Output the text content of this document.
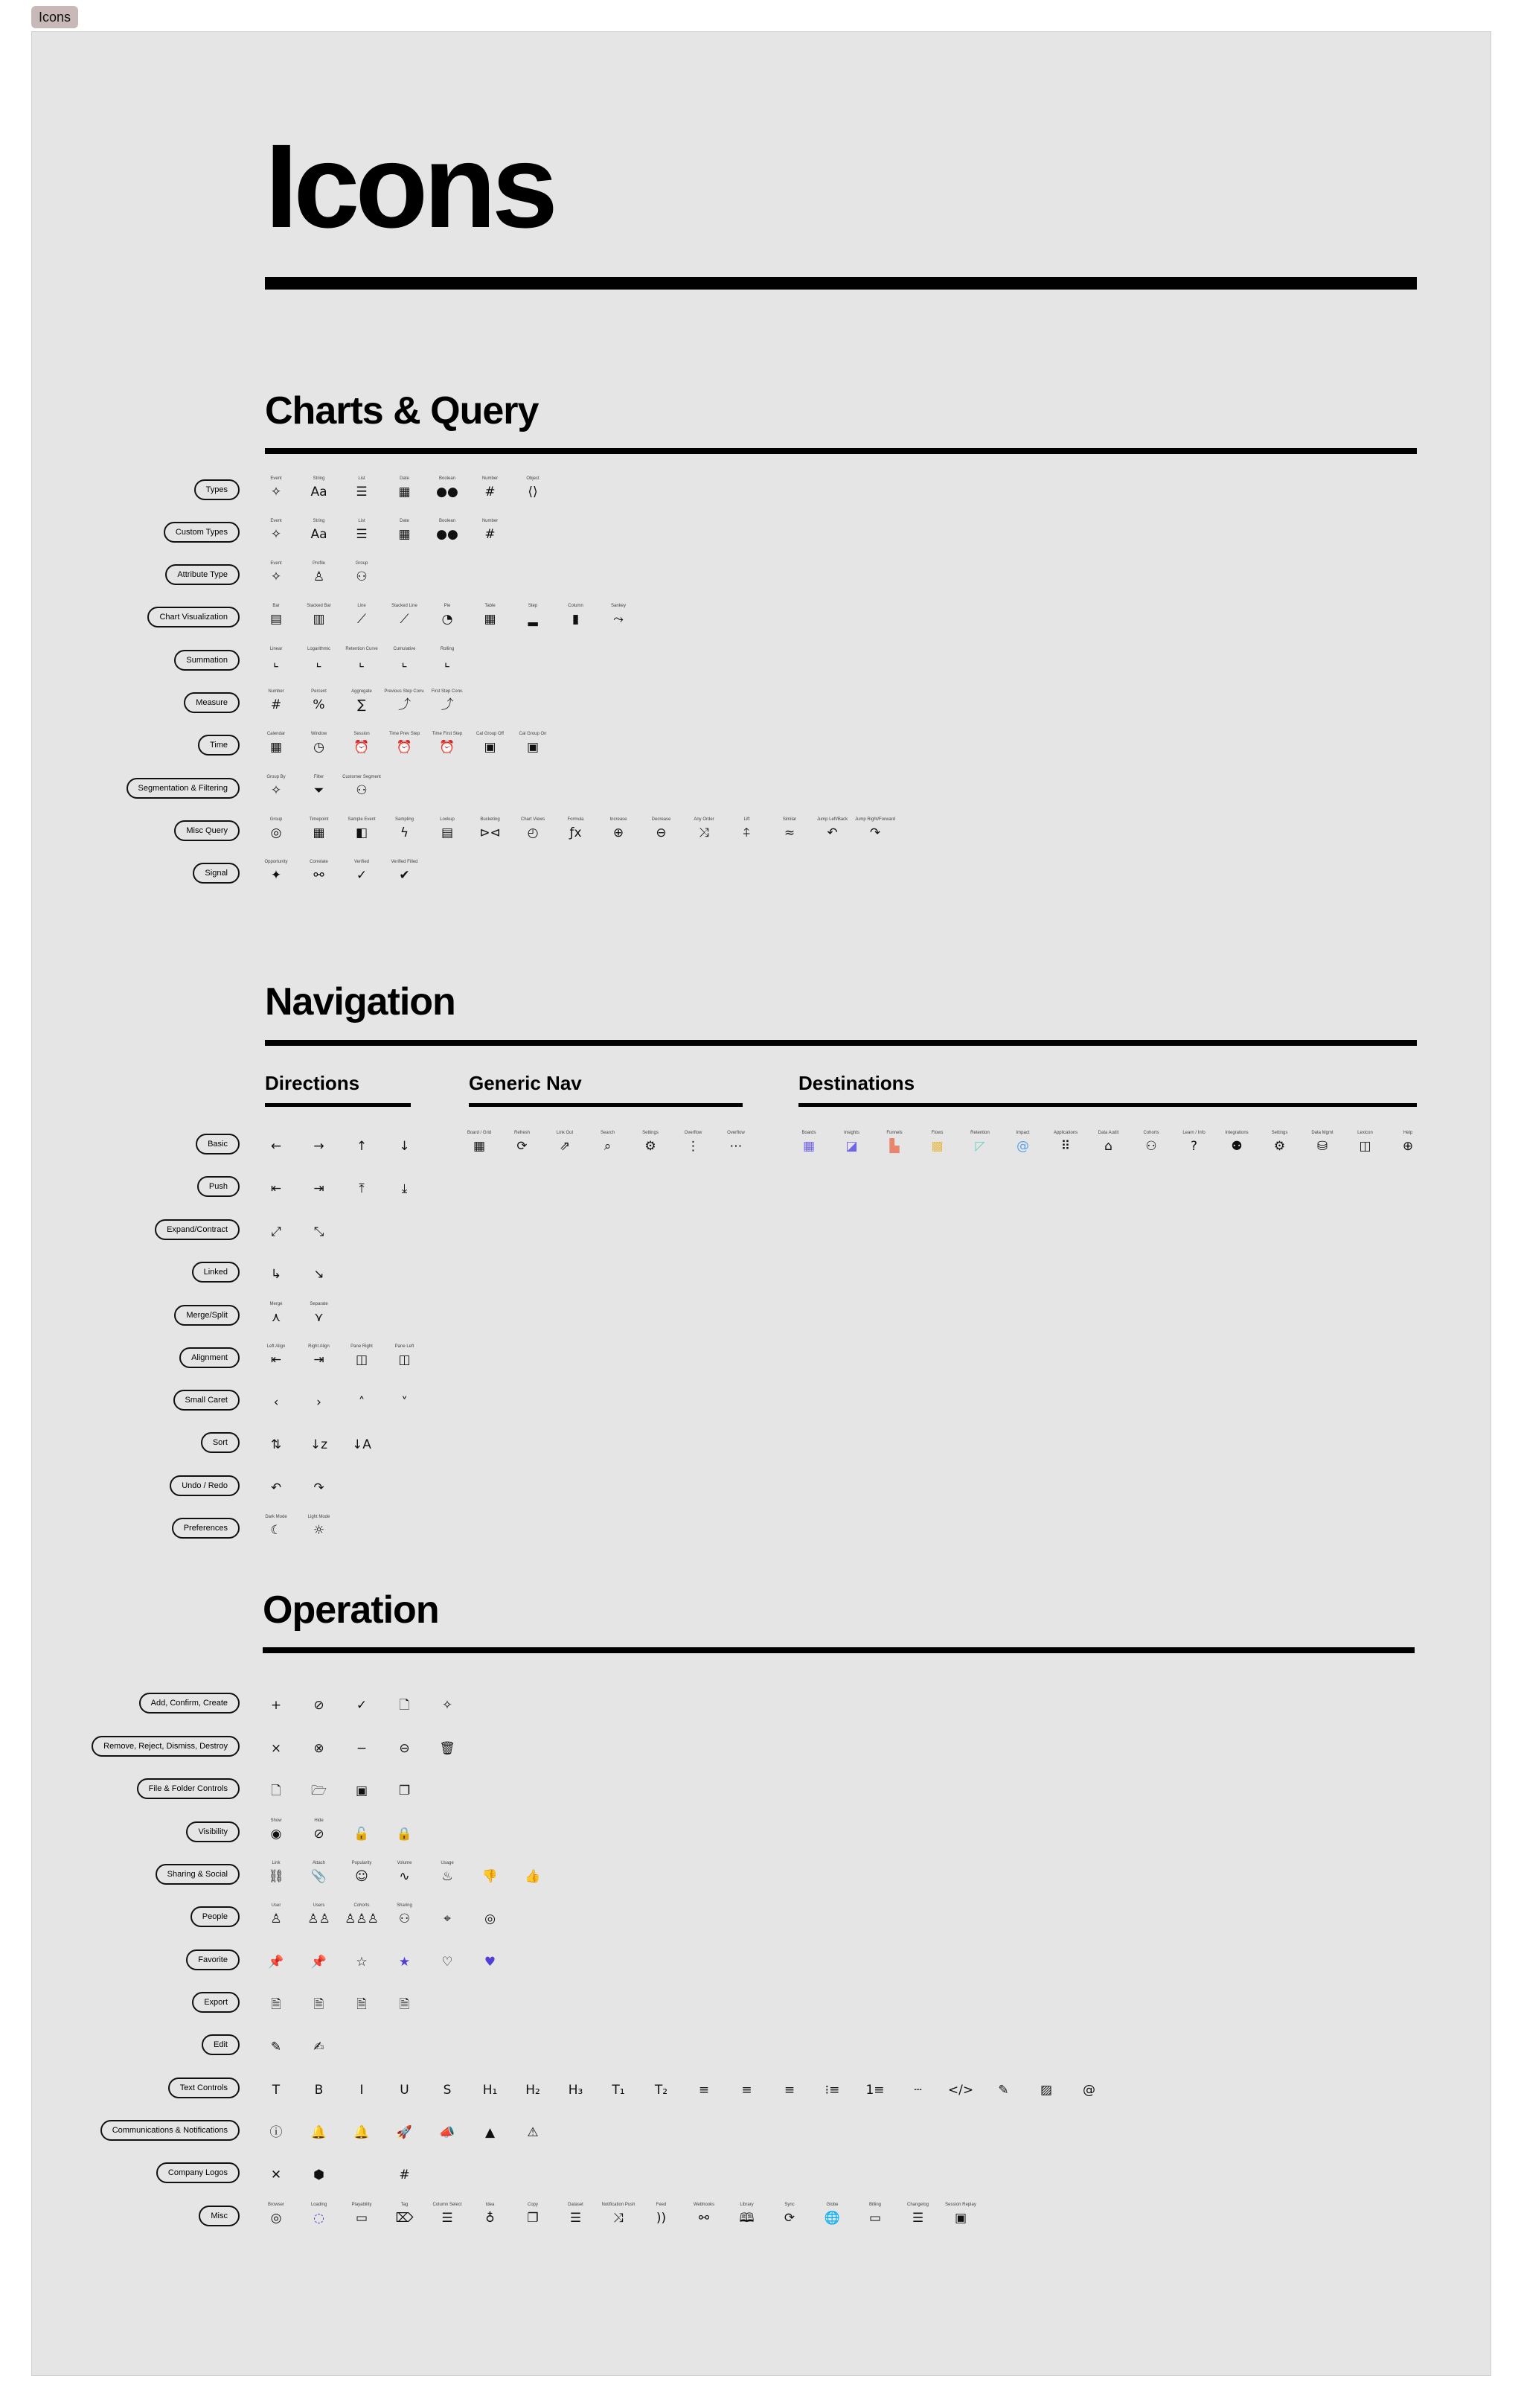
Icons
Icons
Charts & Query
Navigation
Directions	Generic Nav	Destinations
Operation
Types
Event
✧
String
Aa
List
☰
Date
▦
Boolean
●●
Number
#
Object
⟨⟩
Custom Types
Event
✧
String
Aa
List
☰
Date
▦
Boolean
●●
Number
#
Attribute Type
Event
✧
Profile
♙
Group
⚇
Chart Visualization
Bar
▤
Stacked Bar
▥
Line
⟋
Stacked Line
⟋
Pie
◔
Table
▦
Step
▂
Column
▮
Sankey
⤳
Summation
Linear
⌞
Logarithmic
⌞
Retention Curve
⌞
Cumulative
⌞
Rolling
⌞
Measure
Number
#
Percent
%
Aggregate
∑
Previous Step Conv.
⤴
First Step Conv.
⤴
Time
Calendar
▦
Window
◷
Session
⏰
Time Prev Step
⏰
Time First Step
⏰
Cal Group Off
▣
Cal Group On
▣
Segmentation & Filtering
Group By
✧
Filter
⏷
Customer Segment
⚇
Misc Query
Group
◎
Timepoint
▦
Sample Event
◧
Sampling
ϟ
Lookup
▤
Bucketing
⊳⊲
Chart Views
◴
Formula
ƒx
Increase
⊕
Decrease
⊖
Any Order
⤨
Lift
⍏
Similar
≈
Jump Left/Back
↶
Jump Right/Forward
↷
Signal
Opportunity
✦
Correlate
⚯
Verified
✓
Verified Filled
✔
Basic	←	→	↑	↓
Push	⇤	⇥	⤒	⤓
Expand/Contract	⤢	⤡
Linked	↳	↘
Merge/Split
Merge
⋏
Separate
⋎
Alignment
Left Align
⇤
Right Align
⇥
Pane Right
◫
Pane Left
◫
Small Caret	‹	›	˄	˅
Sort	⇅	↓z	↓A
Undo / Redo	↶	↷
Preferences
Dark Mode
☾
Light Mode
☼
Add, Confirm, Create	+	⊘	✓	🗋	✧
Remove, Reject, Dismiss, Destroy	×	⊗	−	⊖	🗑
File & Folder Controls	🗋	🗁	▣	❐
Visibility
Show
◉
Hide
⊘	🔓	🔒
Sharing & Social
Link
⛓
Attach
📎
Popularity
☺
Volume
∿
Usage
♨	👎	👍
People
User
♙
Users
♙♙
Cohorts
♙♙♙
Sharing
⚇	⌖	◎
Favorite	📌	📌	☆	★	♡	♥
Export	🗎	🗎	🗎	🗎
Edit	✎	✍
Text Controls	T	B	I	U	S	H₁	H₂	H₃	T₁	T₂	≡	≡	≡	⁝≡	1≡	┄	</>	✎	▨	@
Communications & Notifications	ⓘ	🔔	🔔	🚀	📣	▲	⚠
Company Logos	✕	⬢	#
Misc
Browser
◎
Loading
◌
Playability
▭
Tag
⌦
Column Select
☰
Idea
♁
Copy
❐
Dataset
☰
Notification Push
⤨
Feed
))
Webhooks
⚯
Library
🕮
Sync
⟳
Globe
🌐
Billing
▭
Changelog
☰
Session Replay
▣
Board / Grid
▦
Refresh
⟳
Link Out
⇗
Search
⌕
Settings
⚙
Overflow
⋮
Overflow
⋯
Boards
▦
Insights
◪
Funnels
▙
Flows
▩
Retention
◸
Impact
@
Applications
⠿
Data Audit
⌂
Cohorts
⚇
Learn / Info
?
Integrations
⚉
Settings
⚙
Data Mgmt
⛁
Lexicon
◫
Help
⊕
